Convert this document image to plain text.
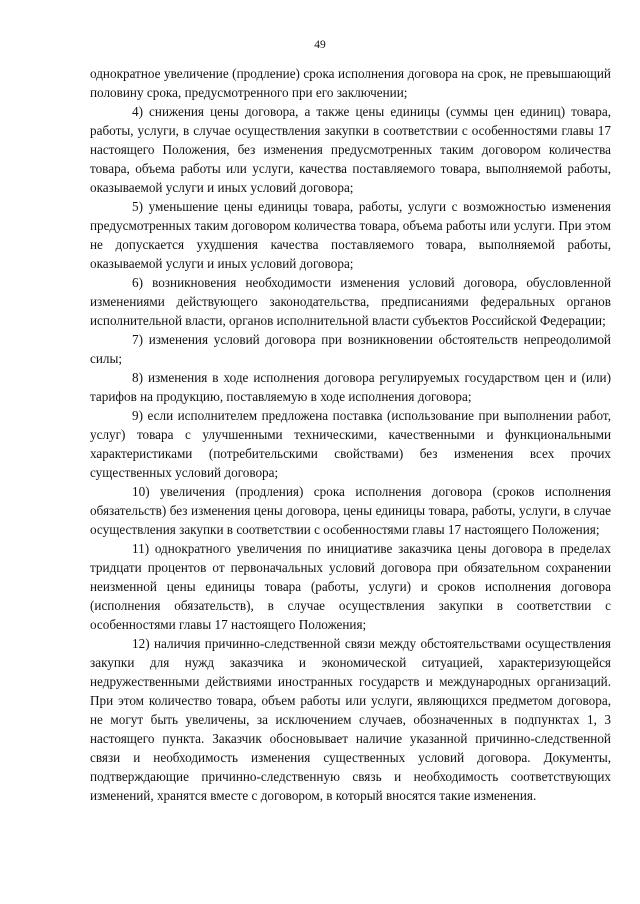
49

однократное увеличение (продление) срока исполнения договора на срок, не превышающий половину срока, предусмотренного при его заключении;

4) снижения цены договора, а также цены единицы (суммы цен единиц) товара, работы, услуги, в случае осуществления закупки в соответствии с особенностями главы 17 настоящего Положения, без изменения предусмотренных таким договором количества товара, объема работы или услуги, качества поставляемого товара, выполняемой работы, оказываемой услуги и иных условий договора;

5) уменьшение цены единицы товара, работы, услуги с возможностью изменения предусмотренных таким договором количества товара, объема работы или услуги. При этом не допускается ухудшения качества поставляемого товара, выполняемой работы, оказываемой услуги и иных условий договора;

6) возникновения необходимости изменения условий договора, обусловленной изменениями действующего законодательства, предписаниями федеральных органов исполнительной власти, органов исполнительной власти субъектов Российской Федерации;

7) изменения условий договора при возникновении обстоятельств непреодолимой силы;

8) изменения в ходе исполнения договора регулируемых государством цен и (или) тарифов на продукцию, поставляемую в ходе исполнения договора;

9) если исполнителем предложена поставка (использование при выполнении работ, услуг) товара с улучшенными техническими, качественными и функциональными характеристиками (потребительскими свойствами) без изменения всех прочих существенных условий договора;

10) увеличения (продления) срока исполнения договора (сроков исполнения обязательств) без изменения цены договора, цены единицы товара, работы, услуги, в случае осуществления закупки в соответствии с особенностями главы 17 настоящего Положения;

11) однократного увеличения по инициативе заказчика цены договора в пределах тридцати процентов от первоначальных условий договора при обязательном сохранении неизменной цены единицы товара (работы, услуги) и сроков исполнения договора (исполнения обязательств), в случае осуществления закупки в соответствии с особенностями главы 17 настоящего Положения;

12) наличия причинно-следственной связи между обстоятельствами осуществления закупки для нужд заказчика и экономической ситуацией, характеризующейся недружественными действиями иностранных государств и международных организаций. При этом количество товара, объем работы или услуги, являющихся предметом договора, не могут быть увеличены, за исключением случаев, обозначенных в подпунктах 1, 3 настоящего пункта. Заказчик обосновывает наличие указанной причинно-следственной связи и необходимость изменения существенных условий договора. Документы, подтверждающие причинно-следственную связь и необходимость соответствующих изменений, хранятся вместе с договором, в который вносятся такие изменения.
